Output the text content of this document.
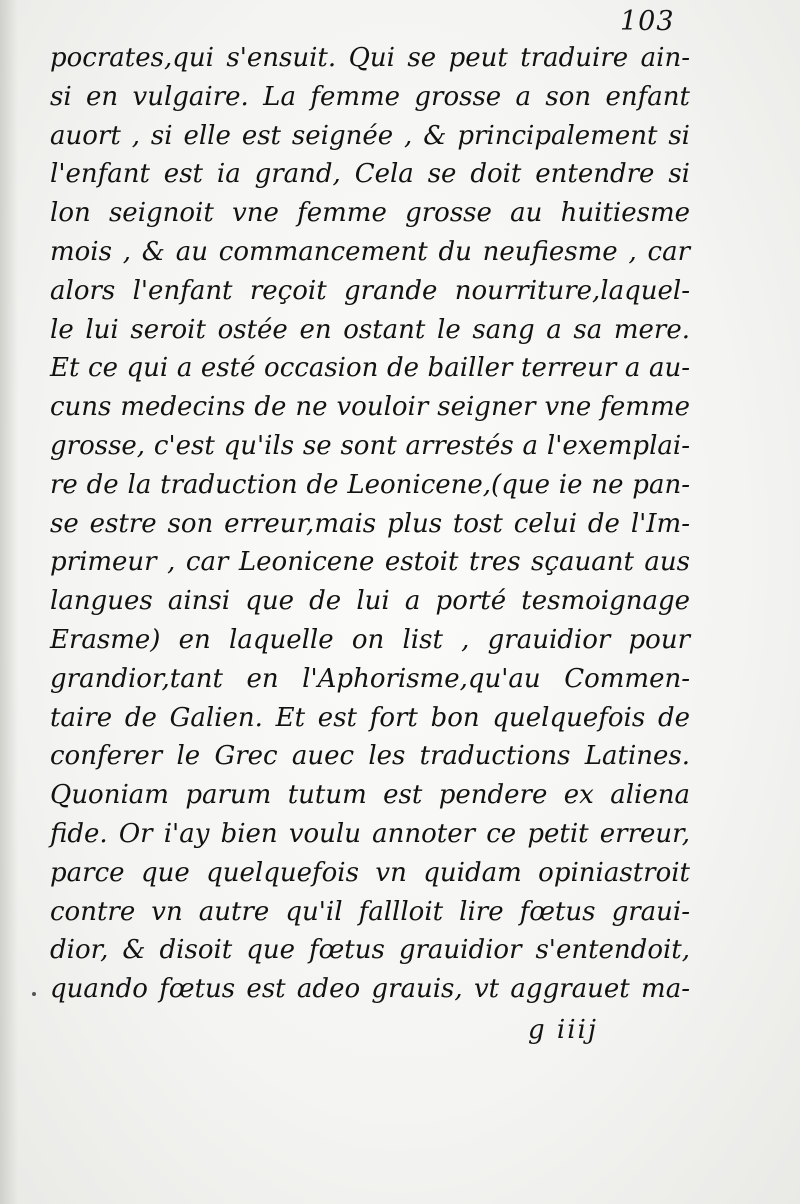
103
pocrates,qui s'ensuit. Qui se peut traduire ain-
si en vulgaire. La femme grosse a son enfant
auort , si elle est seignée , & principalement si
l'enfant est ia grand, Cela se doit entendre si
lon seignoit vne femme grosse au huitiesme
mois , & au commancement du neufiesme , car
alors l'enfant reçoit grande nourriture,laquel-
le lui seroit ostée en ostant le sang a sa mere.
Et ce qui a esté occasion de bailler terreur a au-
cuns medecins de ne vouloir seigner vne femme
grosse, c'est qu'ils se sont arrestés a l'exemplai-
re de la traduction de Leonicene,(que ie ne pan-
se estre son erreur,mais plus tost celui de l'Im-
primeur , car Leonicene estoit tres sçauant aus
langues ainsi que de lui a porté tesmoignage
Erasme) en laquelle on list , grauidior pour
grandior,tant en l'Aphorisme,qu'au Commen-
taire de Galien. Et est fort bon quelquefois de
conferer le Grec auec les traductions Latines.
Quoniam parum tutum est pendere ex aliena
fide. Or i'ay bien voulu annoter ce petit erreur,
parce que quelquefois vn quidam opiniastroit
contre vn autre qu'il fallloit lire fœtus graui-
dior, & disoit que fœtus grauidior s'entendoit,
quando fœtus est adeo grauis, vt aggrauet ma-
g iiij
